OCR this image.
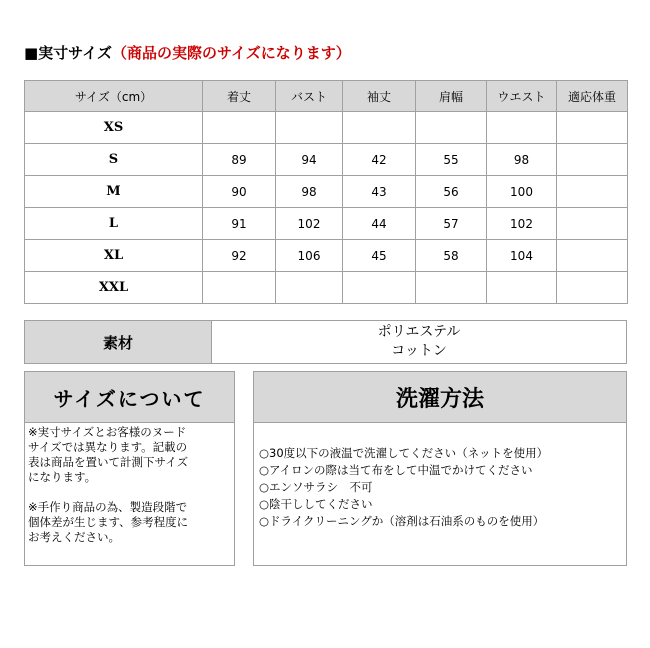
■実寸サイズ（商品の実際のサイズになります）
サイズ（cm）	着丈	バスト	袖丈	肩幅	ウエスト	適応体重
XS						
S	89	94	42	55	98	
M	90	98	43	56	100	
L	91	102	44	57	102	
XL	92	106	45	58	104	
XXL						
素材
ポリエステル
コットン
サイズについて

※実寸サイズとお客様のヌード

サイズでは異なります。記載の

表は商品を置いて計測下サイズ

になります。

※手作り商品の為、製造段階で

個体差が生じます、参考程度に

お考えください。

洗濯方法
○30度以下の液温で洗濯してください（ネットを使用）
○アイロンの際は当て布をして中温でかけてください
○エンソサラシ　不可
○陰干ししてください
○ドライクリーニングか（溶剤は石油系のものを使用）
